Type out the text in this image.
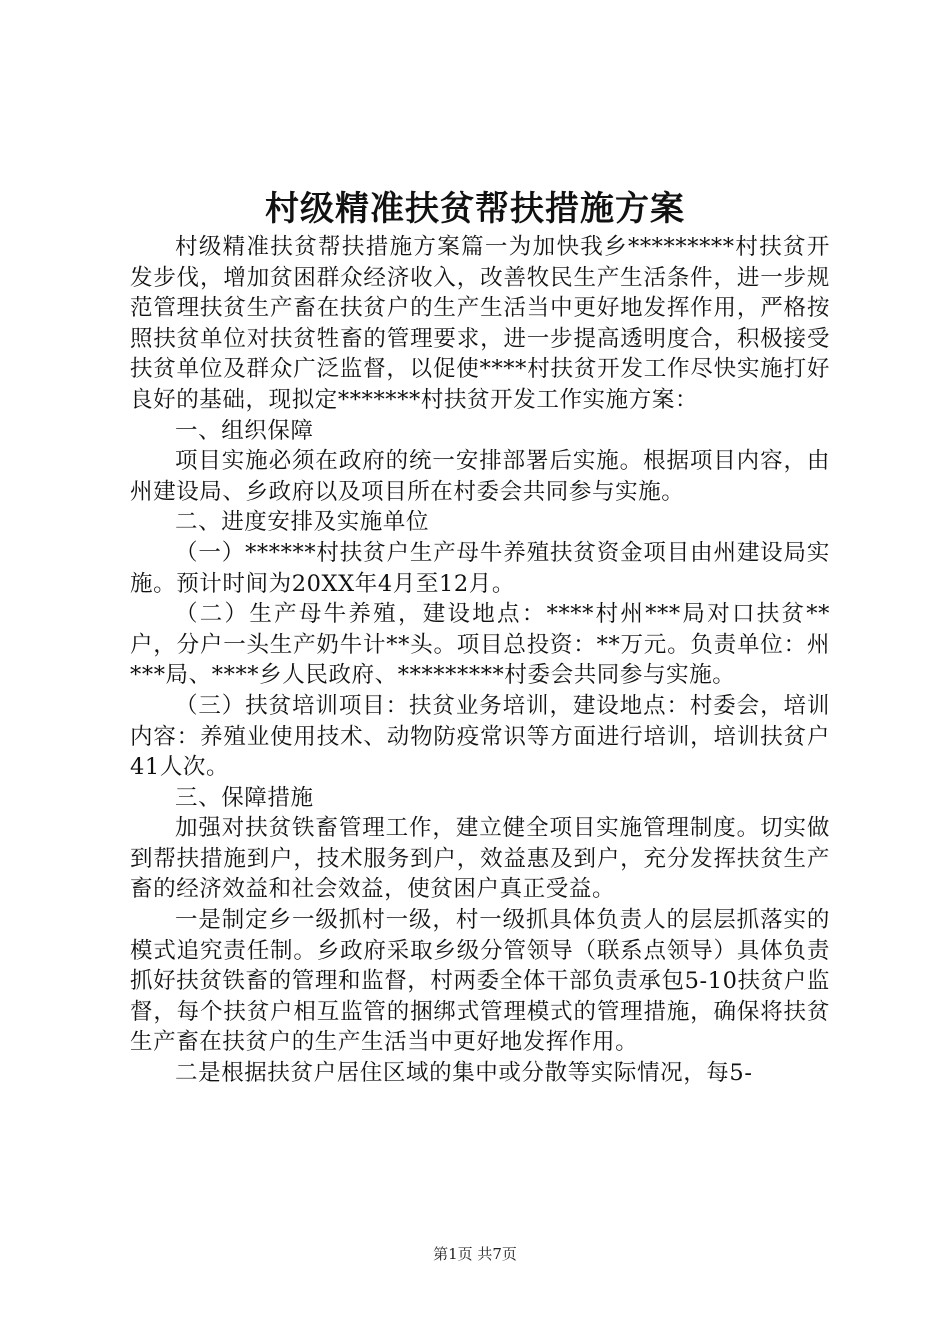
村级精准扶贫帮扶措施方案

村级精准扶贫帮扶措施方案篇一为加快我乡*********村扶贫开发步伐，增加贫困群众经济收入，改善牧民生产生活条件，进一步规范管理扶贫生产畜在扶贫户的生产生活当中更好地发挥作用，严格按照扶贫单位对扶贫牲畜的管理要求，进一步提高透明度合，积极接受扶贫单位及群众广泛监督，以促使****村扶贫开发工作尽快实施打好良好的基础，现拟定*******村扶贫开发工作实施方案：

一、组织保障

项目实施必须在政府的统一安排部署后实施。根据项目内容，由州建设局、乡政府以及项目所在村委会共同参与实施。

二、进度安排及实施单位

（一）******村扶贫户生产母牛养殖扶贫资金项目由州建设局实施。预计时间为20XX年4月至12月。

（二）生产母牛养殖，建设地点：****村州***局对口扶贫**户，分户一头生产奶牛计**头。项目总投资：**万元。负责单位：州***局、****乡人民政府、*********村委会共同参与实施。

（三）扶贫培训项目：扶贫业务培训，建设地点：村委会，培训内容：养殖业使用技术、动物防疫常识等方面进行培训，培训扶贫户41人次。

三、保障措施

加强对扶贫铁畜管理工作，建立健全项目实施管理制度。切实做到帮扶措施到户，技术服务到户，效益惠及到户，充分发挥扶贫生产畜的经济效益和社会效益，使贫困户真正受益。

一是制定乡一级抓村一级，村一级抓具体负责人的层层抓落实的模式追究责任制。乡政府采取乡级分管领导（联系点领导）具体负责抓好扶贫铁畜的管理和监督，村两委全体干部负责承包5-10扶贫户监督，每个扶贫户相互监管的捆绑式管理模式的管理措施，确保将扶贫生产畜在扶贫户的生产生活当中更好地发挥作用。

二是根据扶贫户居住区域的集中或分散等实际情况，每5-

第1页 共7页
